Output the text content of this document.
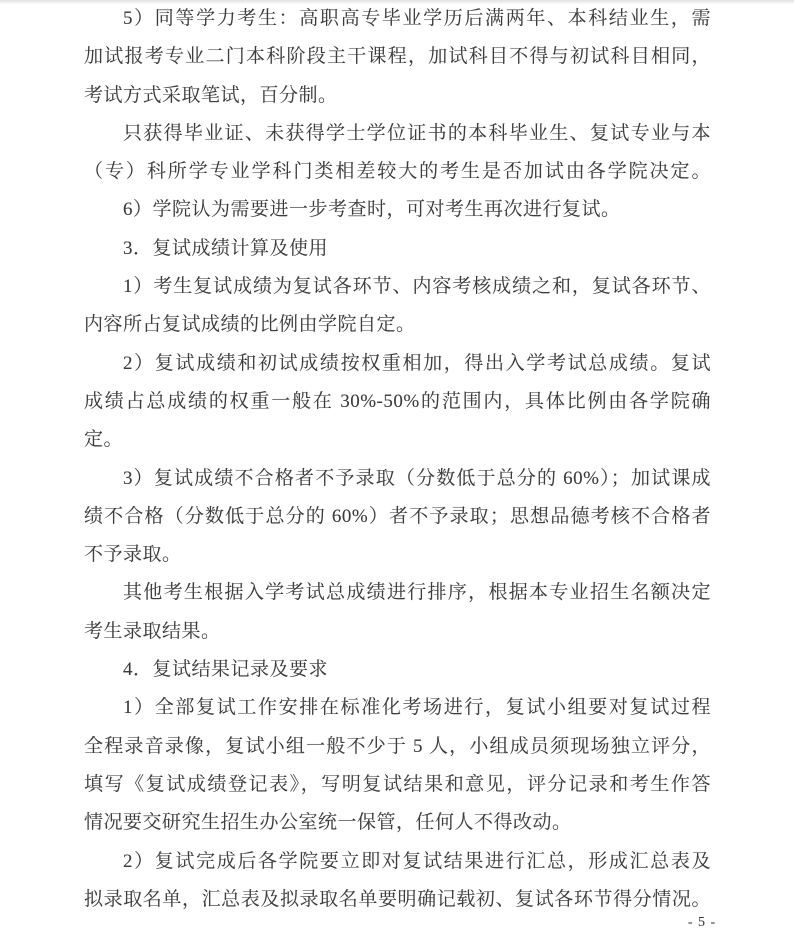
5）同等学力考生：高职高专毕业学历后满两年、本科结业生，需
加试报考专业二门本科阶段主干课程，加试科目不得与初试科目相同，
考试方式采取笔试，百分制。
只获得毕业证、未获得学士学位证书的本科毕业生、复试专业与本
（专）科所学专业学科门类相差较大的考生是否加试由各学院决定。
6）学院认为需要进一步考查时，可对考生再次进行复试。
3．复试成绩计算及使用
1）考生复试成绩为复试各环节、内容考核成绩之和，复试各环节、
内容所占复试成绩的比例由学院自定。
2）复试成绩和初试成绩按权重相加，得出入学考试总成绩。复试
成绩占总成绩的权重一般在 30%-50%的范围内，具体比例由各学院确
定。
3）复试成绩不合格者不予录取（分数低于总分的 60%）；加试课成
绩不合格（分数低于总分的 60%）者不予录取；思想品德考核不合格者
不予录取。
其他考生根据入学考试总成绩进行排序，根据本专业招生名额决定
考生录取结果。
4．复试结果记录及要求
1）全部复试工作安排在标准化考场进行，复试小组要对复试过程
全程录音录像，复试小组一般不少于 5 人，小组成员须现场独立评分，
填写《复试成绩登记表》，写明复试结果和意见，评分记录和考生作答
情况要交研究生招生办公室统一保管，任何人不得改动。
2）复试完成后各学院要立即对复试结果进行汇总，形成汇总表及
拟录取名单，汇总表及拟录取名单要明确记载初、复试各环节得分情况。
- 5 -
